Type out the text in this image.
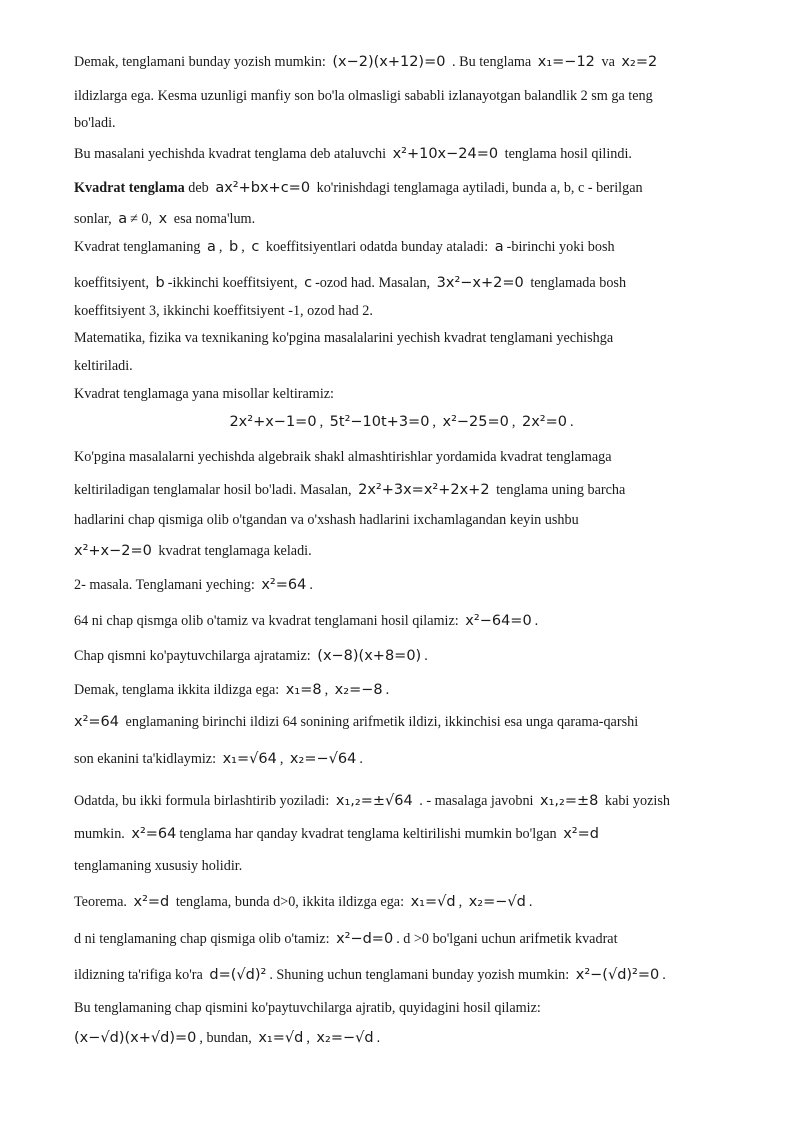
Demak, tenglamani bunday yozish mumkin: (x−2)(x+12)=0 . Bu tenglama x₁=−12 va x₂=2
ildizlarga ega. Kesma uzunligi manfiy son bo'la olmasligi sababli izlanayotgan balandlik 2 sm ga teng
bo'ladi.
Bu masalani yechishda kvadrat tenglama deb ataluvchi x²+10x−24=0 tenglama hosil qilindi.
Kvadrat tenglama deb ax²+bx+c=0 ko'rinishdagi tenglamaga aytiladi, bunda a, b, c - berilgan
sonlar, a ≠ 0, x esa noma'lum.
Kvadrat tenglamaning a , b , c koeffitsiyentlari odatda bunday ataladi: a -birinchi yoki bosh
koeffitsiyent, b -ikkinchi koeffitsiyent, c -ozod had. Masalan, 3x²−x+2=0 tenglamada bosh
koeffitsiyent 3, ikkinchi koeffitsiyent -1, ozod had 2.
Matematika, fizika va texnikaning ko'pgina masalalarini yechish kvadrat tenglamani yechishga
keltiriladi.
Kvadrat tenglamaga yana misollar keltiramiz:
2x²+x−1=0 , 5t²−10t+3=0 , x²−25=0 , 2x²=0 .
Ko'pgina masalalarni yechishda algebraik shakl almashtirishlar yordamida kvadrat tenglamaga
keltiriladigan tenglamalar hosil bo'ladi. Masalan, 2x²+3x=x²+2x+2 tenglama uning barcha
hadlarini chap qismiga olib o'tgandan va o'xshash hadlarini ixchamlagandan keyin ushbu
x²+x−2=0 kvadrat tenglamaga keladi.
2- masala. Tenglamani yeching: x²=64 .
64 ni chap qismga olib o'tamiz va kvadrat tenglamani hosil qilamiz: x²−64=0 .
Chap qismni ko'paytuvchilarga ajratamiz: (x−8)(x+8=0) .
Demak, tenglama ikkita ildizga ega: x₁=8 , x₂=−8 .
x²=64 englamaning birinchi ildizi 64 sonining arifmetik ildizi, ikkinchisi esa unga qarama-qarshi
son ekanini ta'kidlaymiz: x₁=√64 , x₂=−√64 .
Odatda, bu ikki formula birlashtirib yoziladi: x₁,₂=±√64 . - masalaga javobni x₁,₂=±8 kabi yozish
mumkin. x²=64 tenglama har qanday kvadrat tenglama keltirilishi mumkin bo'lgan x²=d
tenglamaning xususiy holidir.
Teorema. x²=d tenglama, bunda d>0, ikkita ildizga ega: x₁=√d , x₂=−√d .
d ni tenglamaning chap qismiga olib o'tamiz: x²−d=0 . d >0 bo'lgani uchun arifmetik kvadrat
ildizning ta'rifiga ko'ra d=(√d)² . Shuning uchun tenglamani bunday yozish mumkin: x²−(√d)²=0 .
Bu tenglamaning chap qismini ko'paytuvchilarga ajratib, quyidagini hosil qilamiz:
(x−√d)(x+√d)=0 , bundan, x₁=√d , x₂=−√d .
